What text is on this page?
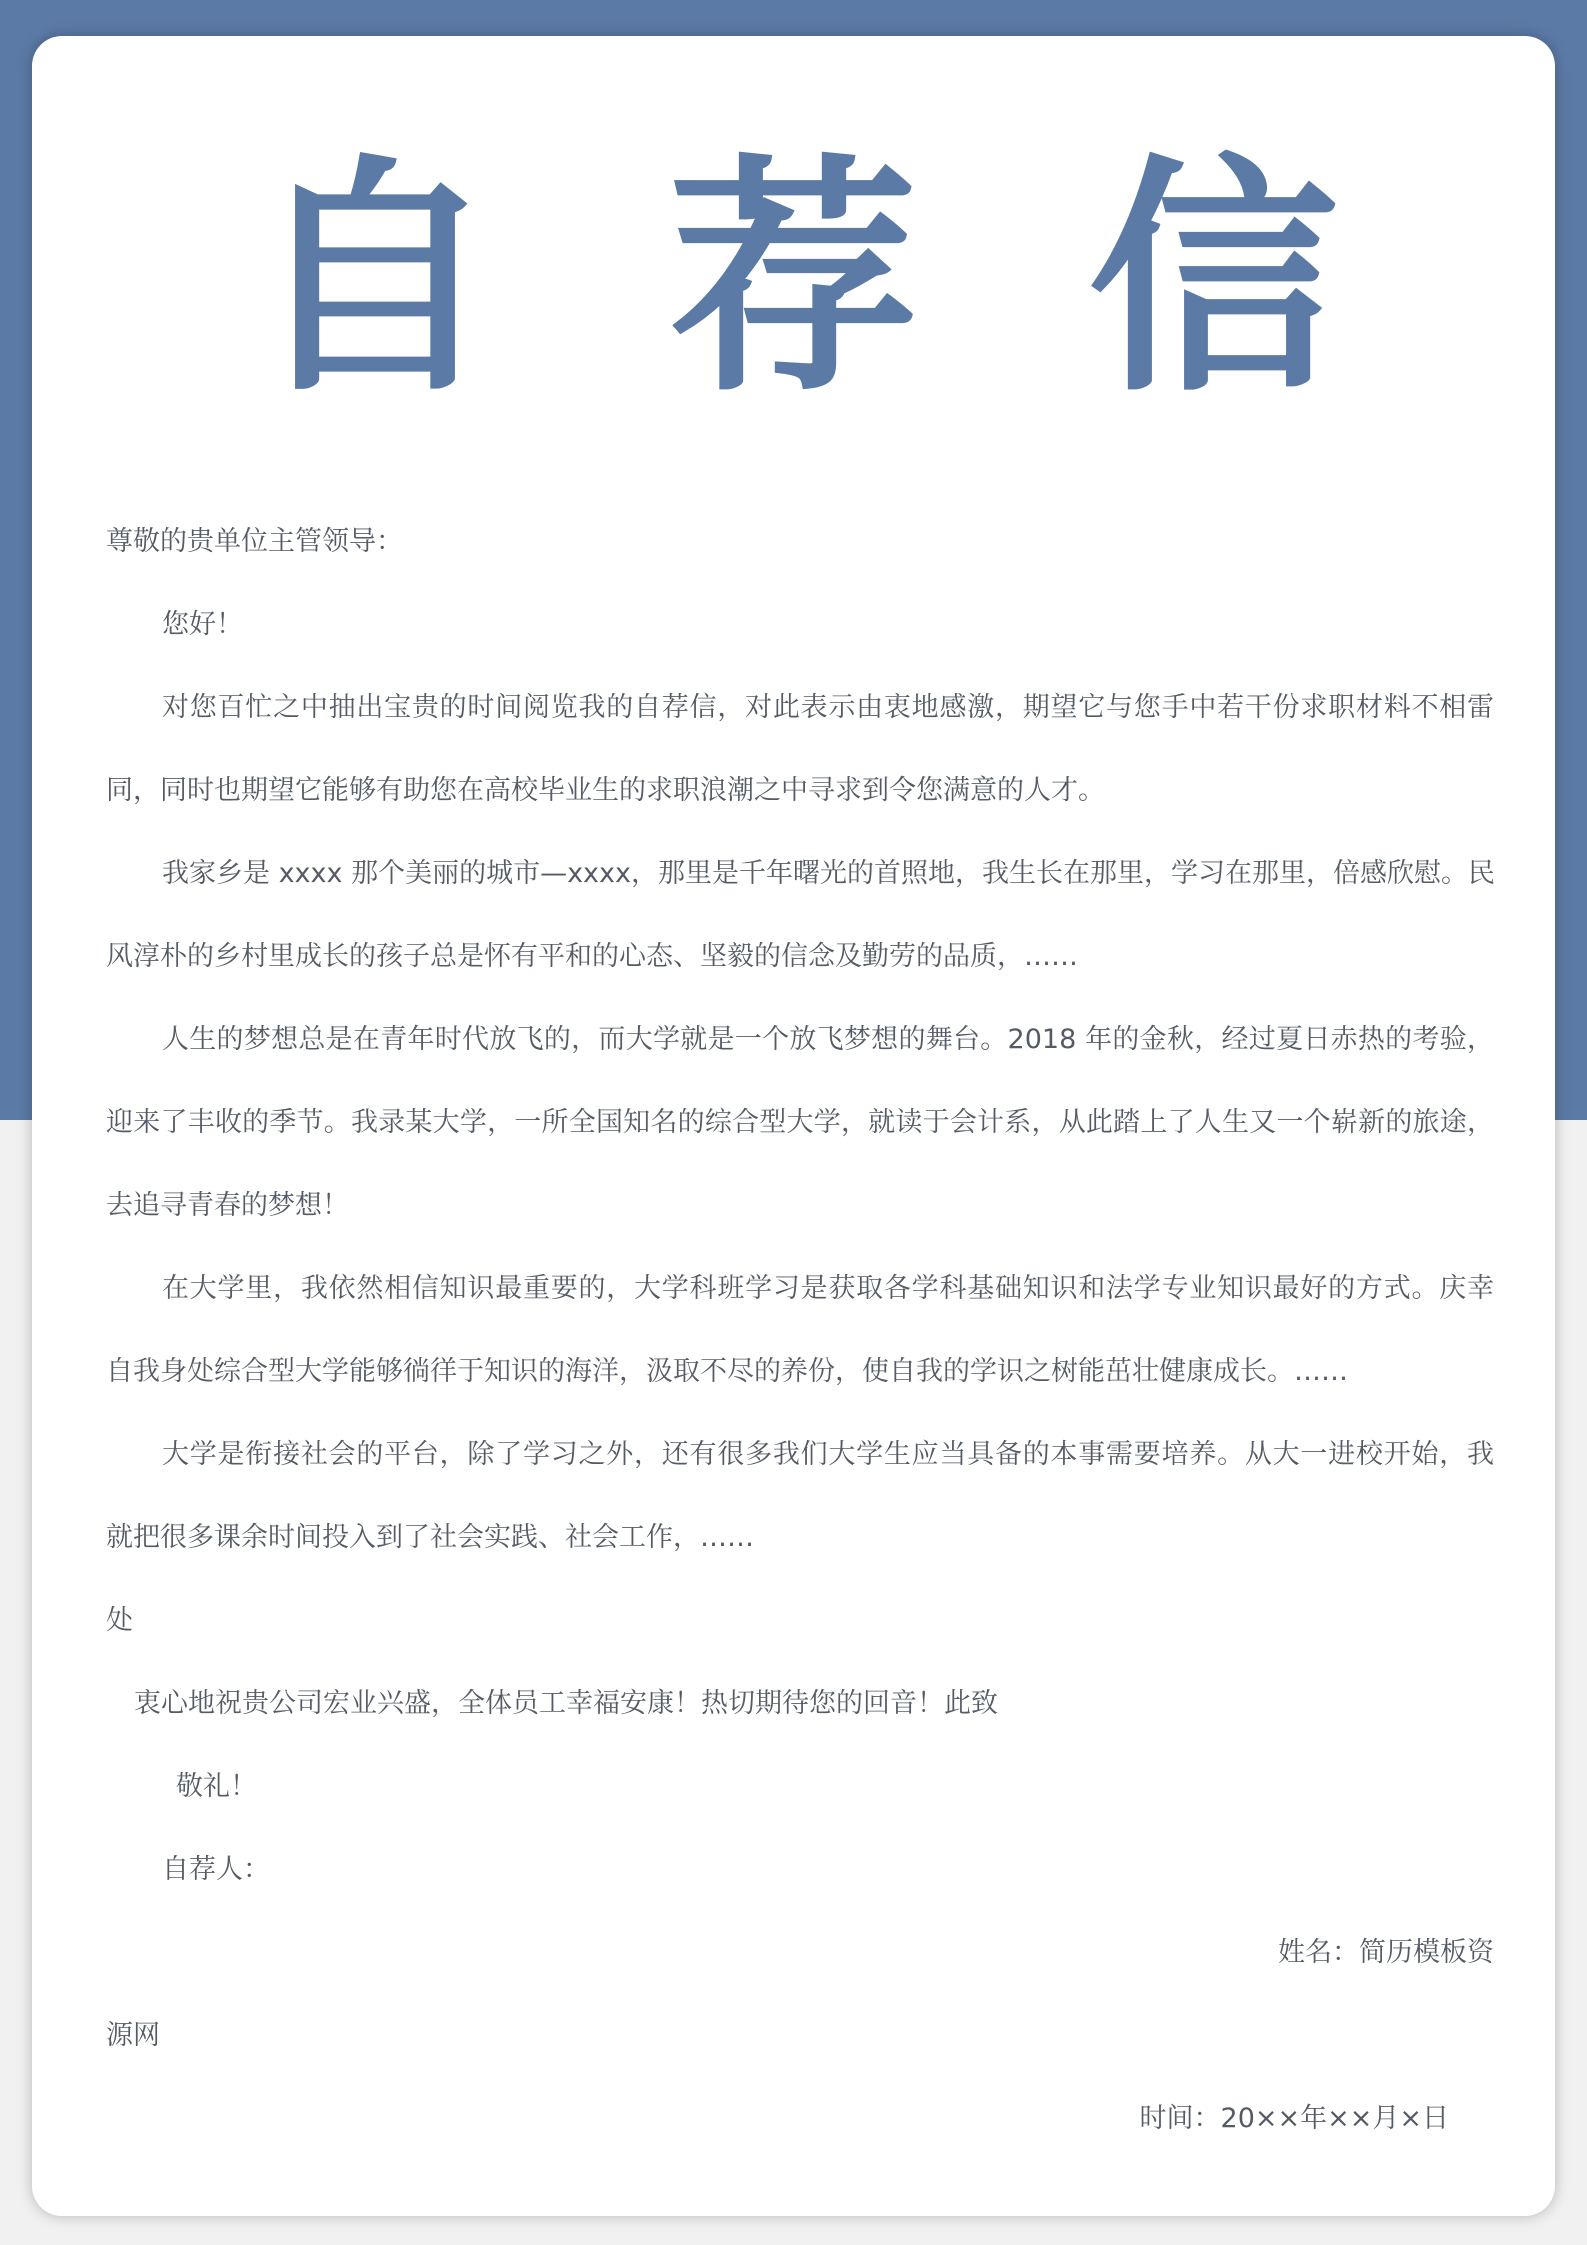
自 荐 信
尊敬的贵单位主管领导：
您好！
对您百忙之中抽出宝贵的时间阅览我的自荐信，对此表示由衷地感激，期望它与您手中若干份求职材料不相雷
同，同时也期望它能够有助您在高校毕业生的求职浪潮之中寻求到令您满意的人才。
我家乡是 xxxx 那个美丽的城市—xxxx，那里是千年曙光的首照地，我生长在那里，学习在那里，倍感欣慰。民
风淳朴的乡村里成长的孩子总是怀有平和的心态、坚毅的信念及勤劳的品质，……
人生的梦想总是在青年时代放飞的，而大学就是一个放飞梦想的舞台。2018 年的金秋，经过夏日赤热的考验，
迎来了丰收的季节。我录某大学，一所全国知名的综合型大学，就读于会计系，从此踏上了人生又一个崭新的旅途，
去追寻青春的梦想！
在大学里，我依然相信知识最重要的，大学科班学习是获取各学科基础知识和法学专业知识最好的方式。庆幸
自我身处综合型大学能够徜徉于知识的海洋，汲取不尽的养份，使自我的学识之树能茁壮健康成长。……
大学是衔接社会的平台，除了学习之外，还有很多我们大学生应当具备的本事需要培养。从大一进校开始，我
就把很多课余时间投入到了社会实践、社会工作，……
处
衷心地祝贵公司宏业兴盛，全体员工幸福安康！热切期待您的回音！此致
敬礼！
自荐人：
姓名：简历模板资
源网
时间：20××年××月×日
